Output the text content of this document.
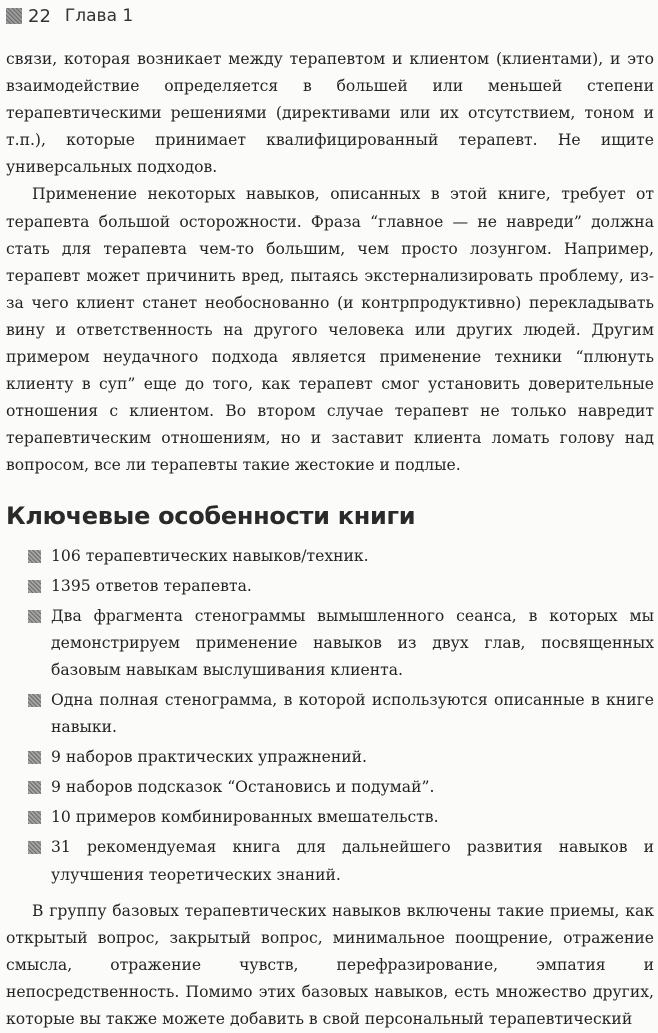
22 Глава 1

связи, которая возникает между терапевтом и клиентом (клиентами), и это взаимодействие определяется в большей или меньшей степени терапевтическими решениями (директивами или их отсутствием, тоном и т.п.), которые принимает квалифицированный терапевт. Не ищите универсальных подходов.

Применение некоторых навыков, описанных в этой книге, требует от терапевта большой осторожности. Фраза “главное — не навреди” должна стать для терапевта чем-то большим, чем просто лозунгом. Например, терапевт может причинить вред, пытаясь экстернализировать проблему, из-за чего клиент станет необоснованно (и контрпродуктивно) перекладывать вину и ответственность на другого человека или других людей. Другим примером неудачного подхода является применение техники “плюнуть клиенту в суп” еще до того, как терапевт смог установить доверительные отношения с клиентом. Во втором случае терапевт не только навредит терапевтическим отношениям, но и заставит клиента ломать голову над вопросом, все ли терапевты такие жестокие и подлые.

Ключевые особенности книги
106 терапевтических навыков/техник.
1395 ответов терапевта.
Два фрагмента стенограммы вымышленного сеанса, в которых мы демонстрируем применение навыков из двух глав, посвященных базовым навыкам выслушивания клиента.
Одна полная стенограмма, в которой используются описанные в книге навыки.
9 наборов практических упражнений.
9 наборов подсказок “Остановись и подумай”.
10 примеров комбинированных вмешательств.
31 рекомендуемая книга для дальнейшего развития навыков и улучшения теоретических знаний.

В группу базовых терапевтических навыков включены такие приемы, как открытый вопрос, закрытый вопрос, минимальное поощрение, отражение смысла, отражение чувств, перефразирование, эмпатия и непосредственность. Помимо этих базовых навыков, есть множество других, которые вы также можете добавить в свой персональный терапевтический
